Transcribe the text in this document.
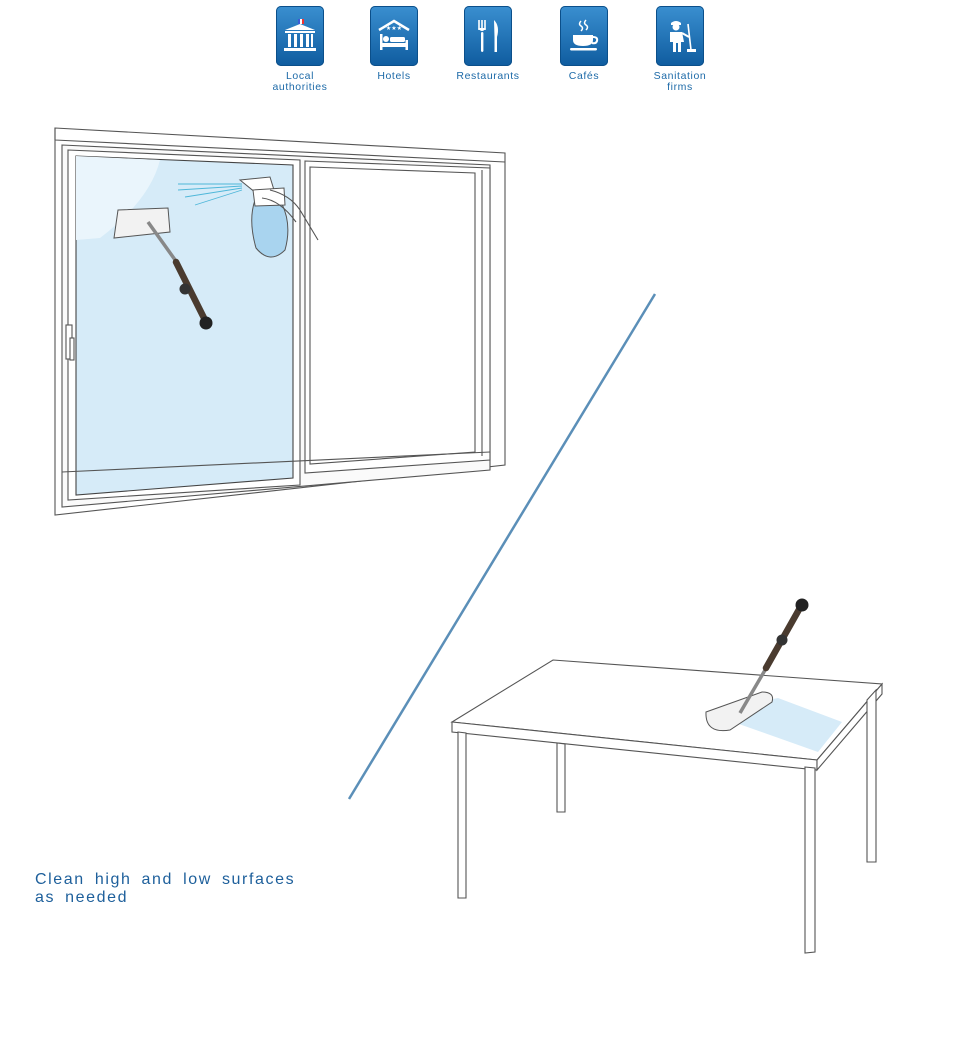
Local
authorities
★★★
Hotels	Restaurants	Cafés	Sanitation
firms
Clean high and low surfaces
as needed
